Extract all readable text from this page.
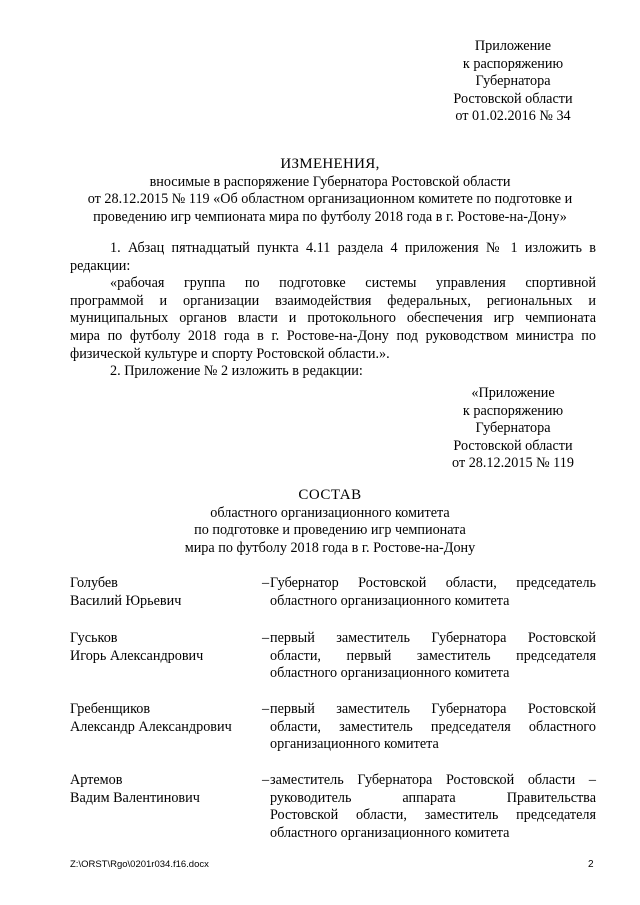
Приложение
к распоряжению
Губернатора
Ростовской области
от 01.02.2016 № 34
ИЗМЕНЕНИЯ,
вносимые в распоряжение Губернатора Ростовской области
от 28.12.2015 № 119 «Об областном организационном комитете по подготовке и
проведению игр чемпионата мира по футболу 2018 года в г. Ростове-на-Дону»
1. Абзац пятнадцатый пункта 4.11 раздела 4 приложения № 1 изложить в
редакции:
«рабочая группа по подготовке системы управления спортивной
программой и организации взаимодействия федеральных, региональных и
муниципальных органов власти и протокольного обеспечения игр чемпионата
мира по футболу 2018 года в г. Ростове-на-Дону под руководством министра по
физической культуре и спорту Ростовской области.».
2. Приложение № 2 изложить в редакции:
«Приложение
к распоряжению
Губернатора
Ростовской области
от 28.12.2015 № 119
СОСТАВ
областного организационного комитета
по подготовке и проведению игр чемпионата
мира по футболу 2018 года в г. Ростове-на-Дону
Голубев
Василий Юрьевич
– Губернатор Ростовской области, председатель
областного организационного комитета
Гуськов
Игорь Александрович
– первый заместитель Губернатора Ростовской
области, первый заместитель председателя
областного организационного комитета
Гребенщиков
Александр Александрович
– первый заместитель Губернатора Ростовской
области, заместитель председателя областного
организационного комитета
Артемов
Вадим Валентинович
– заместитель Губернатора Ростовской области –
руководитель аппарата Правительства
Ростовской области, заместитель председателя
областного организационного комитета
Z:\ORST\Rgo\0201r034.f16.docx	2
